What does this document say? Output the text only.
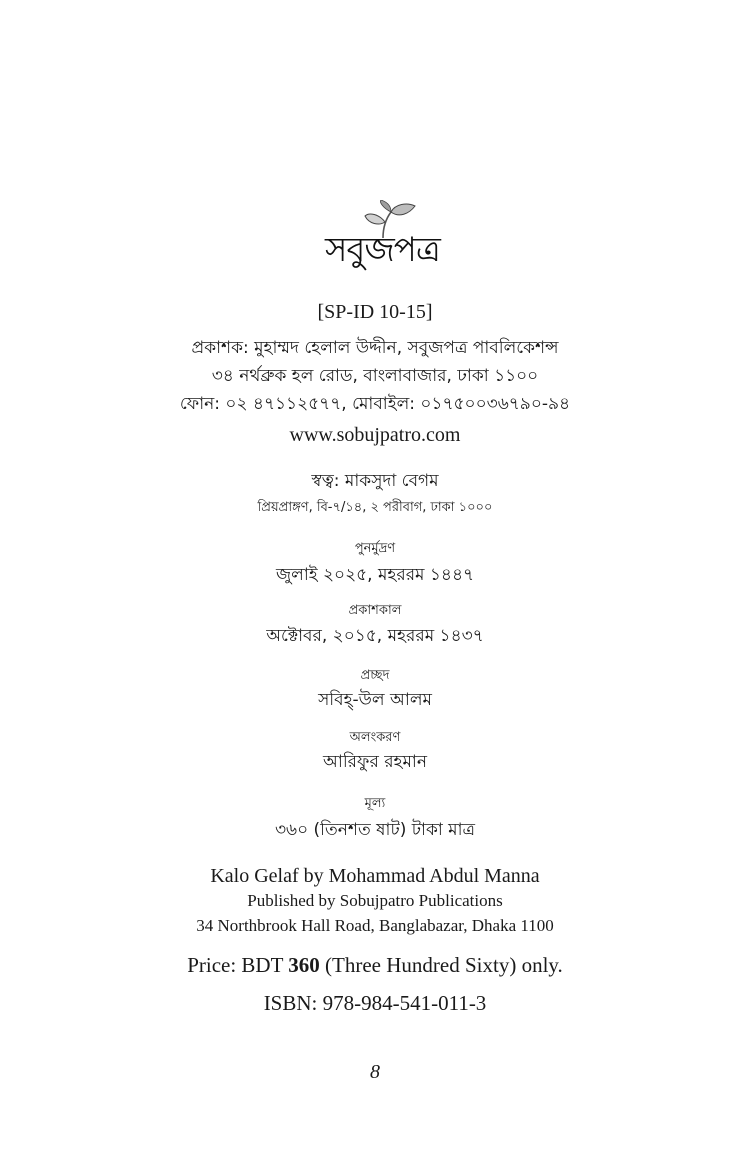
সবুজপত্র
[SP-ID 10-15]
প্রকাশক: মুহাম্মদ হেলাল উদ্দীন, সবুজপত্র পাবলিকেশন্স
৩৪ নর্থব্রুক হল রোড, বাংলাবাজার, ঢাকা ১১০০
ফোন: ০২ ৪৭১১২৫৭৭, মোবাইল: ০১৭৫০০৩৬৭৯০-৯৪
www.sobujpatro.com
স্বত্ব: মাকসুদা বেগম
প্রিয়প্রাঙ্গণ, বি-৭/১৪, ২ পরীবাগ, ঢাকা ১০০০
পুনর্মুদ্রণ
জুলাই ২০২৫, মহররম ১৪৪৭
প্রকাশকাল
অক্টোবর, ২০১৫, মহররম ১৪৩৭
প্রচ্ছদ
সবিহ্-উল আলম
অলংকরণ
আরিফুর রহমান
মূল্য
৩৬০ (তিনশত ষাট) টাকা মাত্র
Kalo Gelaf by Mohammad Abdul Manna
Published by Sobujpatro Publications
34 Northbrook Hall Road, Banglabazar, Dhaka 1100
Price: BDT 360 (Three Hundred Sixty) only.
ISBN: 978-984-541-011-3
8
